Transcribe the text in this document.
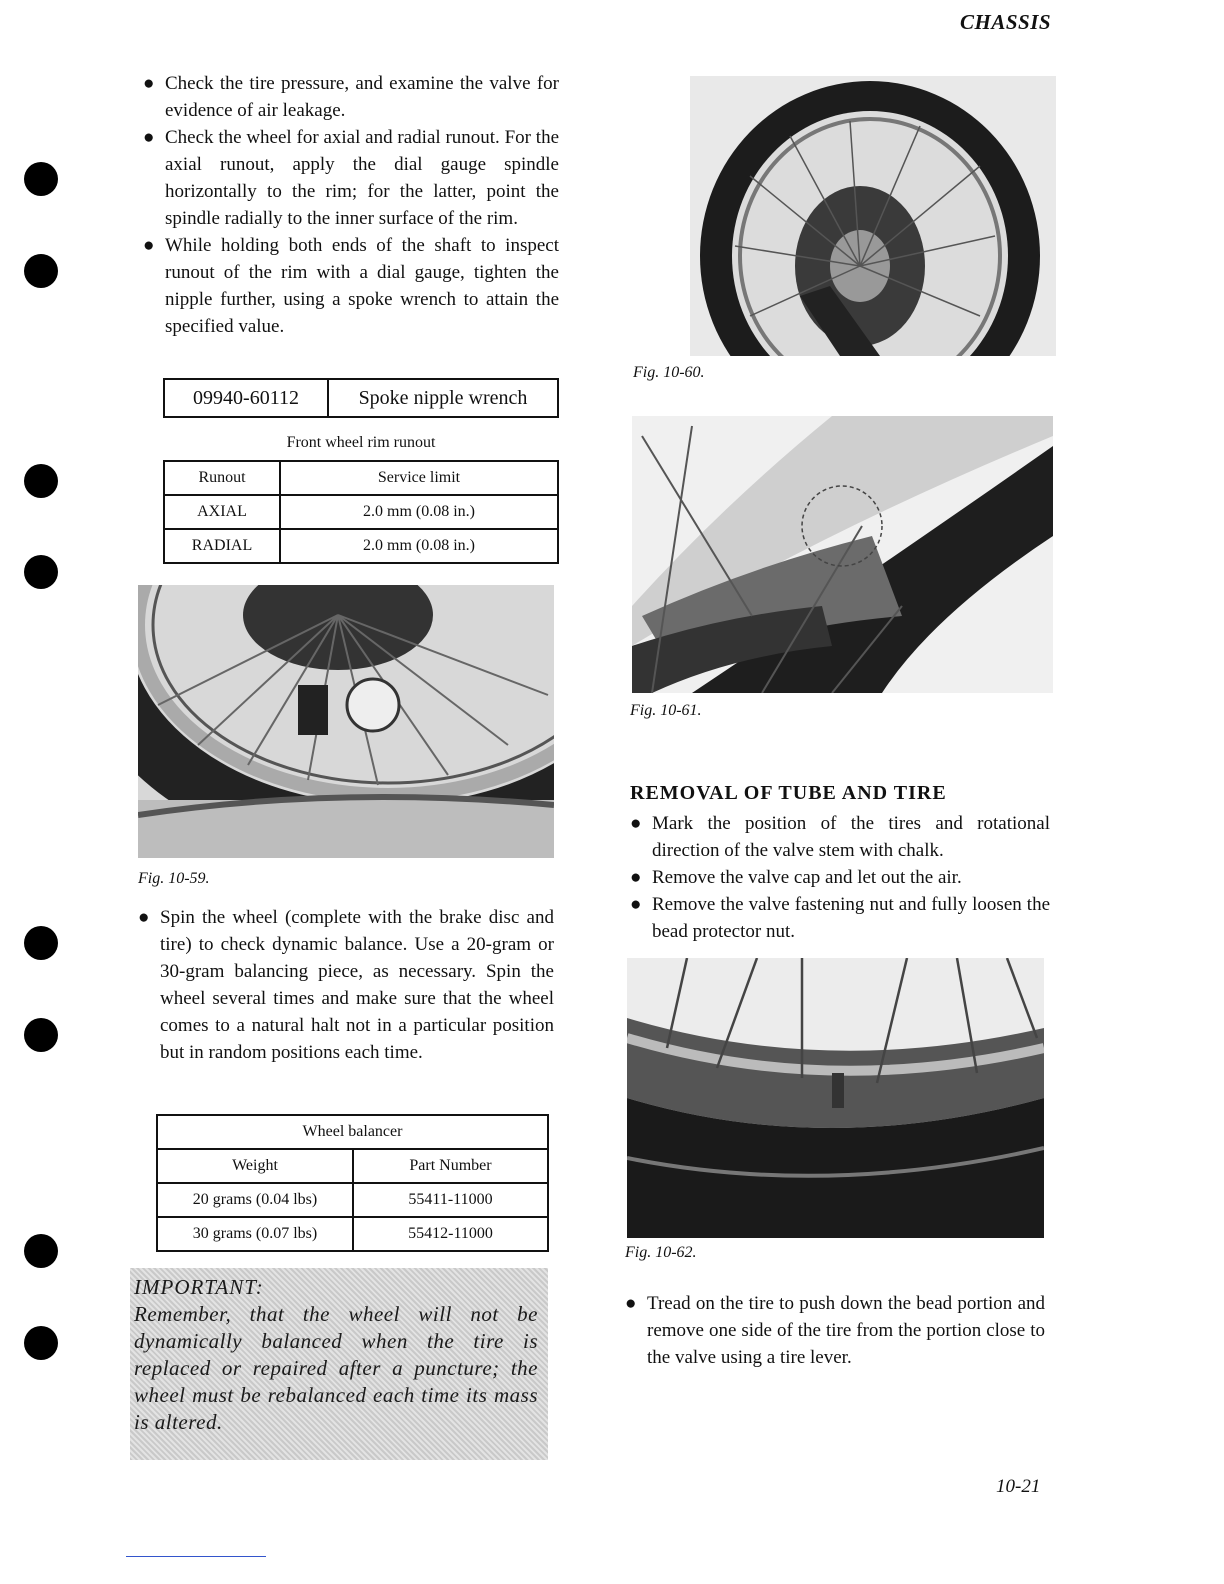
CHASSIS
● Check the tire pressure, and examine the valve for evidence of air leakage.
● Check the wheel for axial and radial runout. For the axial runout, apply the dial gauge spindle horizontally to the rim; for the latter, point the spindle radially to the inner surface of the rim.
● While holding both ends of the shaft to inspect runout of the rim with a dial gauge, tighten the nipple further, using a spoke wrench to attain the specified value.
09940-60112	Spoke nipple wrench
Front wheel rim runout
Runout	Service limit
AXIAL	2.0 mm (0.08 in.)
RADIAL	2.0 mm (0.08 in.)
Fig. 10-59.
● Spin the wheel (complete with the brake disc and tire) to check dynamic balance. Use a 20-gram or 30-gram balancing piece, as necessary. Spin the wheel several times and make sure that the wheel comes to a natural halt not in a particular position but in random positions each time.
Wheel balancer	
Weight	Part Number
20 grams (0.04 lbs)	55411-11000
30 grams (0.07 lbs)	55412-11000
IMPORTANT:
Remember, that the wheel will not be dynamically balanced when the tire is replaced or repaired after a puncture; the wheel must be rebalanced each time its mass is altered.
Fig. 10-60.
Fig. 10-61.
REMOVAL OF TUBE AND TIRE
● Mark the position of the tires and rotational direction of the valve stem with chalk.
● Remove the valve cap and let out the air.
● Remove the valve fastening nut and fully loosen the bead protector nut.
Fig. 10-62.
● Tread on the tire to push down the bead portion and remove one side of the tire from the portion close to the valve using a tire lever.
10-21
